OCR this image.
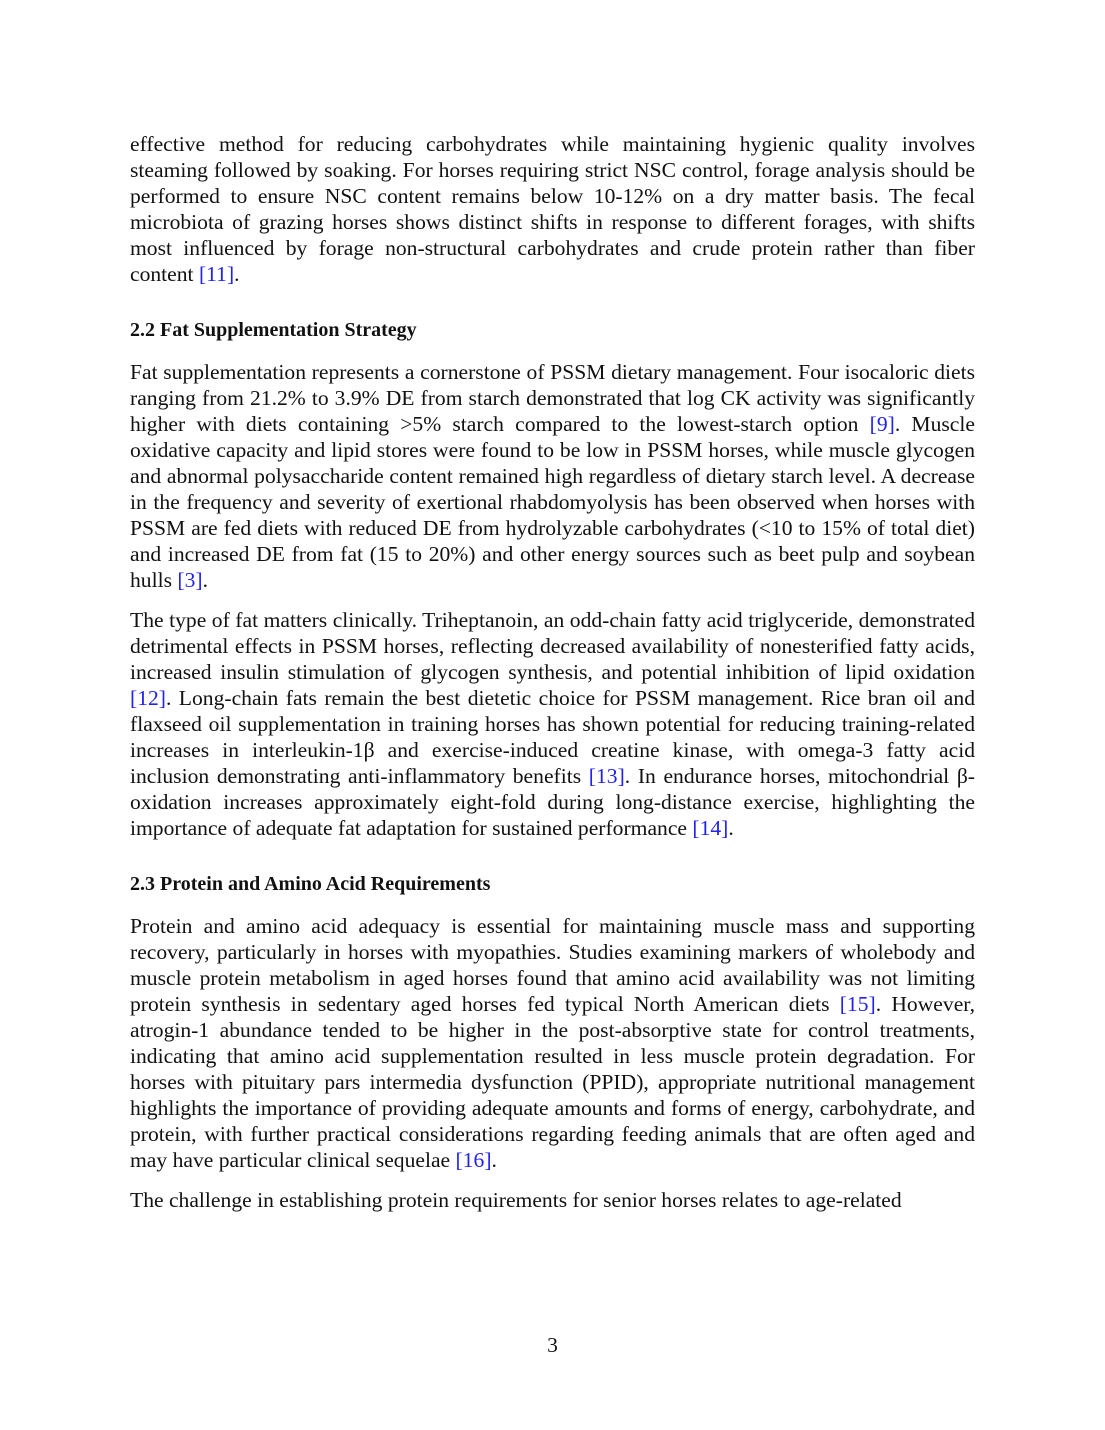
effective method for reducing carbohydrates while maintaining hygienic quality involves steaming followed by soaking. For horses requiring strict NSC control, forage analysis should be performed to ensure NSC content remains below 10-12% on a dry matter basis. The fecal microbiota of grazing horses shows distinct shifts in response to different forages, with shifts most influenced by forage non-structural carbohydrates and crude protein rather than fiber content [11].

2.2 Fat Supplementation Strategy

Fat supplementation represents a cornerstone of PSSM dietary management. Four isocaloric diets ranging from 21.2% to 3.9% DE from starch demonstrated that log CK activity was significantly higher with diets containing >5% starch compared to the lowest-starch option [9]. Muscle oxidative capacity and lipid stores were found to be low in PSSM horses, while muscle glycogen and abnormal polysaccharide content remained high regardless of dietary starch level. A decrease in the frequency and severity of exertional rhabdomyolysis has been observed when horses with PSSM are fed diets with reduced DE from hydrolyzable carbohydrates (<10 to 15% of total diet) and increased DE from fat (15 to 20%) and other energy sources such as beet pulp and soybean hulls [3].

The type of fat matters clinically. Triheptanoin, an odd-chain fatty acid triglyceride, demonstrated detrimental effects in PSSM horses, reflecting decreased availability of nonesterified fatty acids, increased insulin stimulation of glycogen synthesis, and potential inhibition of lipid oxidation [12]. Long-chain fats remain the best dietetic choice for PSSM management. Rice bran oil and flaxseed oil supplementation in training horses has shown potential for reducing training-related increases in interleukin-1β and exercise-induced creatine kinase, with omega-3 fatty acid inclusion demonstrating anti-inflammatory benefits [13]. In endurance horses, mitochondrial β-oxidation increases approximately eight-fold during long-distance exercise, highlighting the importance of adequate fat adaptation for sustained performance [14].

2.3 Protein and Amino Acid Requirements

Protein and amino acid adequacy is essential for maintaining muscle mass and supporting recovery, particularly in horses with myopathies. Studies examining markers of wholebody and muscle protein metabolism in aged horses found that amino acid availability was not limiting protein synthesis in sedentary aged horses fed typical North American diets [15]. However, atrogin-1 abundance tended to be higher in the post-absorptive state for control treatments, indicating that amino acid supplementation resulted in less muscle protein degradation. For horses with pituitary pars intermedia dysfunction (PPID), appropriate nutritional management highlights the importance of providing adequate amounts and forms of energy, carbohydrate, and protein, with further practical considerations regarding feeding animals that are often aged and may have particular clinical sequelae [16].

The challenge in establishing protein requirements for senior horses relates to age-related

3
